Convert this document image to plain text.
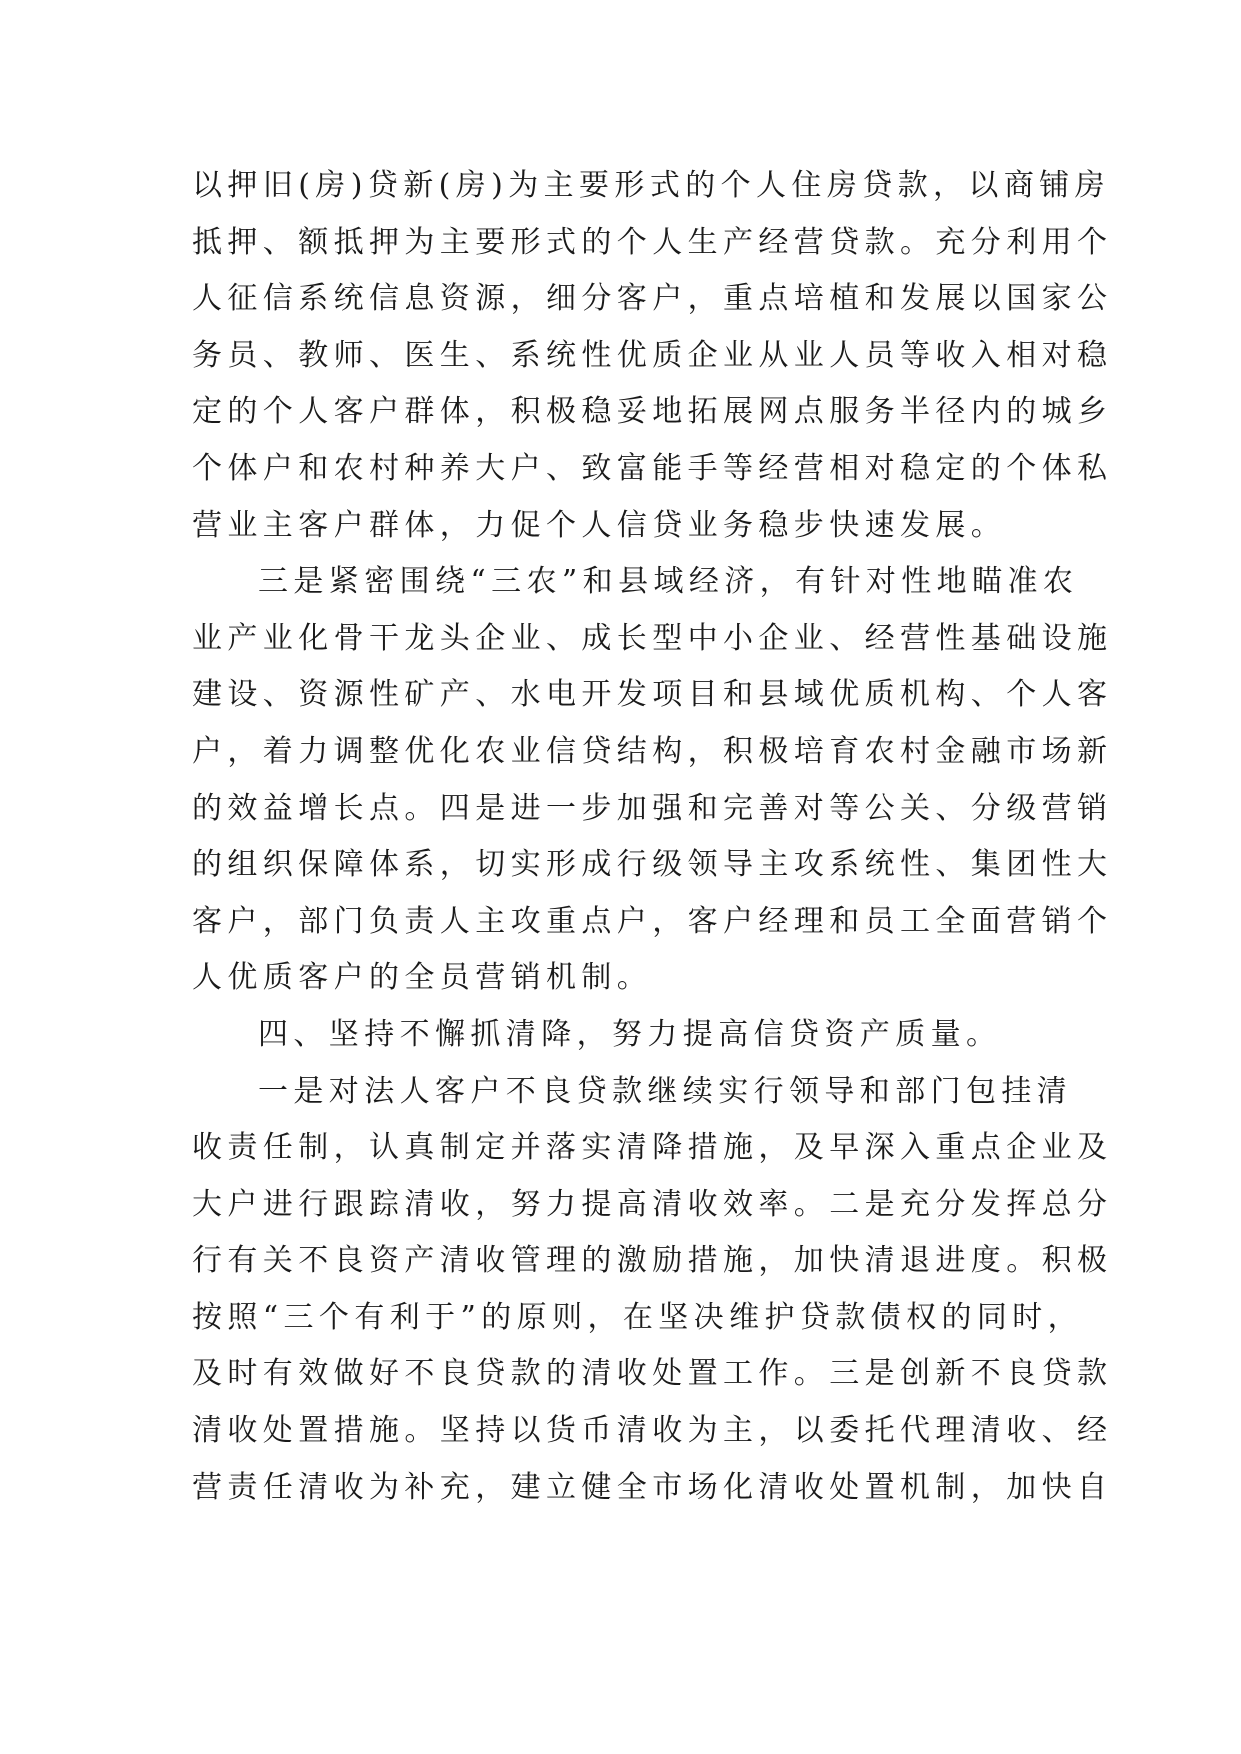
以押旧(房)贷新(房)为主要形式的个人住房贷款，以商铺房
抵押、额抵押为主要形式的个人生产经营贷款。充分利用个
人征信系统信息资源，细分客户，重点培植和发展以国家公
务员、教师、医生、系统性优质企业从业人员等收入相对稳
定的个人客户群体，积极稳妥地拓展网点服务半径内的城乡
个体户和农村种养大户、致富能手等经营相对稳定的个体私
营业主客户群体，力促个人信贷业务稳步快速发展。
三是紧密围绕“三农”和县域经济，有针对性地瞄准农
业产业化骨干龙头企业、成长型中小企业、经营性基础设施
建设、资源性矿产、水电开发项目和县域优质机构、个人客
户，着力调整优化农业信贷结构，积极培育农村金融市场新
的效益增长点。四是进一步加强和完善对等公关、分级营销
的组织保障体系，切实形成行级领导主攻系统性、集团性大
客户，部门负责人主攻重点户，客户经理和员工全面营销个
人优质客户的全员营销机制。
四、坚持不懈抓清降，努力提高信贷资产质量。
一是对法人客户不良贷款继续实行领导和部门包挂清
收责任制，认真制定并落实清降措施，及早深入重点企业及
大户进行跟踪清收，努力提高清收效率。二是充分发挥总分
行有关不良资产清收管理的激励措施，加快清退进度。积极
按照“三个有利于”的原则，在坚决维护贷款债权的同时，
及时有效做好不良贷款的清收处置工作。三是创新不良贷款
清收处置措施。坚持以货币清收为主，以委托代理清收、经
营责任清收为补充，建立健全市场化清收处置机制，加快自
